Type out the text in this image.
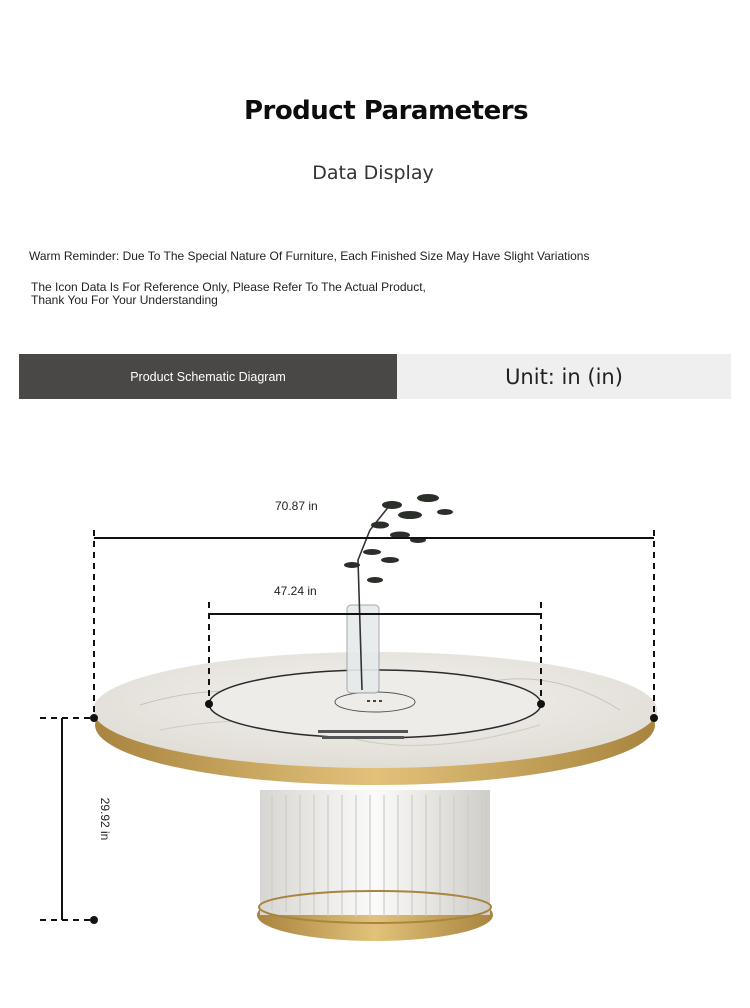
Product Parameters
Data Display
Warm Reminder: Due To The Special Nature Of Furniture, Each Finished Size May Have Slight Variations
The Icon Data Is For Reference Only, Please Refer To The Actual Product,
Thank You For Your Understanding
Product Schematic Diagram	Unit: in (in)
70.87 in
47.24 in
29.92 in
